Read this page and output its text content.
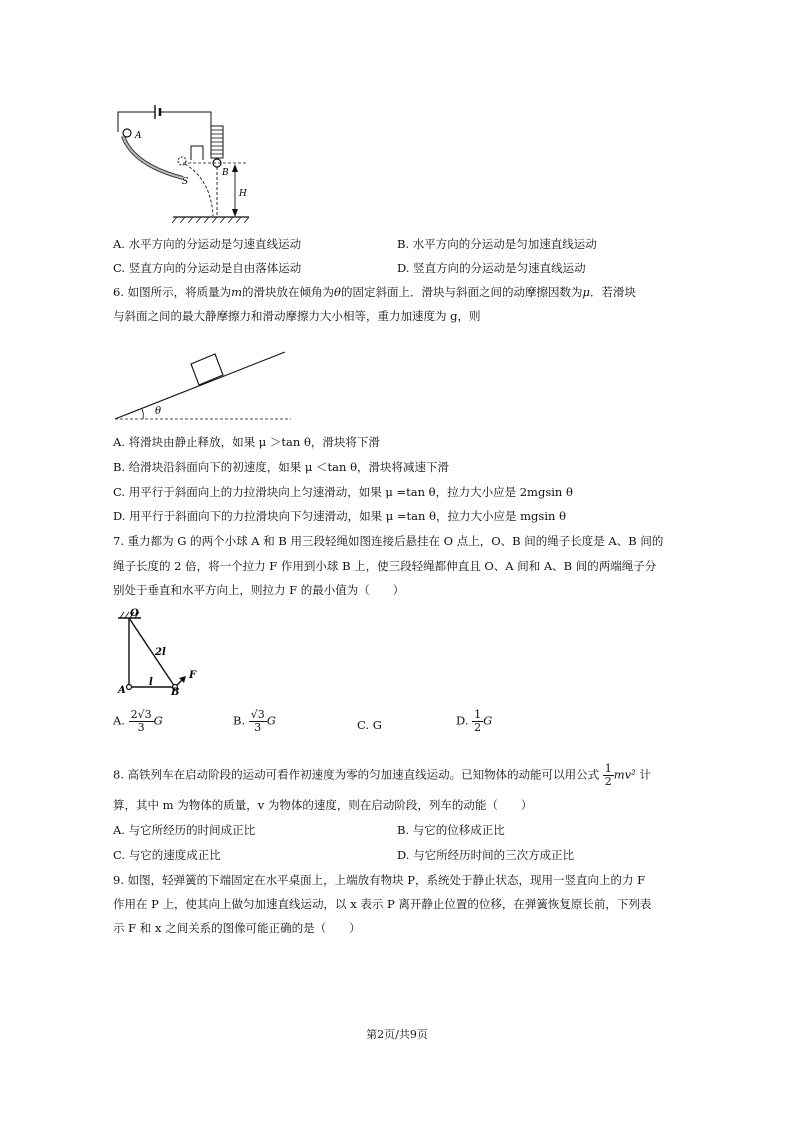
A
B
S
H
A. 水平方向的分运动是匀速直线运动	B. 水平方向的分运动是匀加速直线运动
C. 竖直方向的分运动是自由落体运动	D. 竖直方向的分运动是匀速直线运动
6. 如图所示，将质量为m的滑块放在倾角为θ的固定斜面上．滑块与斜面之间的动摩擦因数为μ．若滑块
与斜面之间的最大静摩擦力和滑动摩擦力大小相等，重力加速度为 g，则
θ
A. 将滑块由静止释放，如果 μ ＞tan θ，滑块将下滑
B. 给滑块沿斜面向下的初速度，如果 μ ＜tan θ，滑块将减速下滑
C. 用平行于斜面向上的力拉滑块向上匀速滑动，如果 μ =tan θ，拉力大小应是 2mgsin θ
D. 用平行于斜面向下的力拉滑块向下匀速滑动，如果 μ =tan θ，拉力大小应是 mgsin θ
7. 重力都为 G 的两个小球 A 和 B 用三段轻绳如图连接后悬挂在 O 点上，O、B 间的绳子长度是 A、B 间的
绳子长度的 2 倍，将一个拉力 F 作用到小球 B 上，使三段轻绳都伸直且 O、A 间和 A、B 间的两端绳子分
别处于垂直和水平方向上，则拉力 F 的最小值为（　　）
O
2l
l
A	B
F
A. $\frac{2√3}{3}$ G	B. $\frac{√3}{3}$ G	C. G	D. $\frac{1}{2}$ G
8. 高铁列车在启动阶段的运动可看作初速度为零的匀加速直线运动。已知物体的动能可以用公式 $\frac{1}{2} mv^2$ 计
算，其中 m 为物体的质量，v 为物体的速度，则在启动阶段，列车的动能（　　）
A. 与它所经历的时间成正比	B. 与它的位移成正比
C. 与它的速度成正比	D. 与它所经历时间的三次方成正比
9. 如图，轻弹簧的下端固定在水平桌面上，上端放有物块 P，系统处于静止状态，现用一竖直向上的力 F
作用在 P 上，使其向上做匀加速直线运动，以 x 表示 P 离开静止位置的位移，在弹簧恢复原长前，下列表
示 F 和 x 之间关系的图像可能正确的是（　　）
第2页/共9页
